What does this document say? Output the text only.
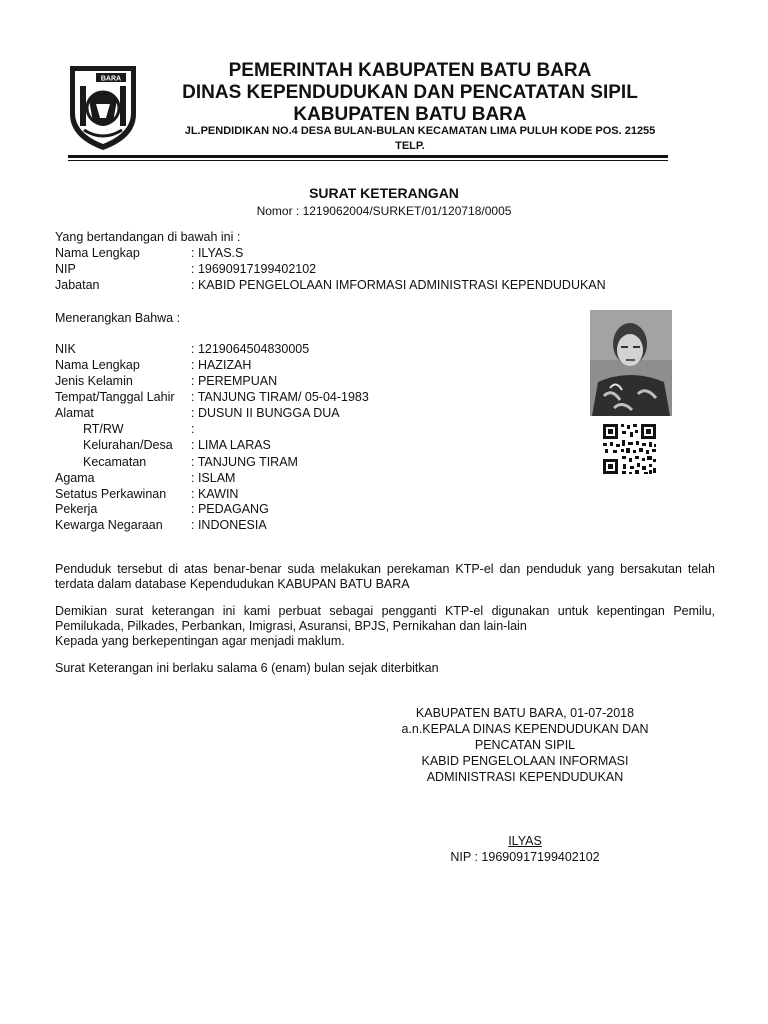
BARA	PEMERINTAH KABUPATEN BATU BARA
DINAS KEPENDUDUKAN DAN PENCATATAN SIPIL
KABUPATEN BATU BARA
JL.PENDIDIKAN NO.4 DESA BULAN-BULAN KECAMATAN LIMA PULUH KODE POS. 21255
TELP.
SURAT KETERANGAN
Nomor : 1219062004/SURKET/01/120718/0005
Yang bertandangan di bawah ini :
Nama Lengkap	: ILYAS.S
NIP	: 19690917199402102
Jabatan	: KABID PENGELOLAAN IMFORMASI ADMINISTRASI KEPENDUDUKAN
Menerangkan Bahwa :
NIK	: 1219064504830005
Nama Lengkap	: HAZIZAH
Jenis Kelamin	: PEREMPUAN
Tempat/Tanggal Lahir : TANJUNG TIRAM/ 05-04-1983
Alamat	: DUSUN II BUNGGA DUA
RT/RW	:
Kelurahan/Desa : LIMA LARAS
Kecamatan	: TANJUNG TIRAM
Agama	: ISLAM
Setatus Perkawinan : KAWIN
Pekerja	: PEDAGANG
Kewarga Negaraan : INDONESIA
Penduduk tersebut di atas benar-benar suda melakukan perekaman KTP-el dan penduduk yang bersakutan telah terdata dalam database Kependudukan KABUPAN BATU BARA
Demikian surat keterangan ini kami perbuat sebagai pengganti KTP-el digunakan untuk kepentingan Pemilu, Pemilukada, Pilkades, Perbankan, Imigrasi, Asuransi, BPJS, Pernikahan dan lain-lain
Kepada yang berkepentingan agar menjadi maklum.
Surat Keterangan ini berlaku salama 6 (enam) bulan sejak diterbitkan
KABUPATEN BATU BARA, 01-07-2018
a.n.KEPALA DINAS KEPENDUDUKAN DAN
PENCATAN SIPIL
KABID PENGELOLAAN INFORMASI
ADMINISTRASI KEPENDUDUKAN
ILYAS
NIP : 19690917199402102
